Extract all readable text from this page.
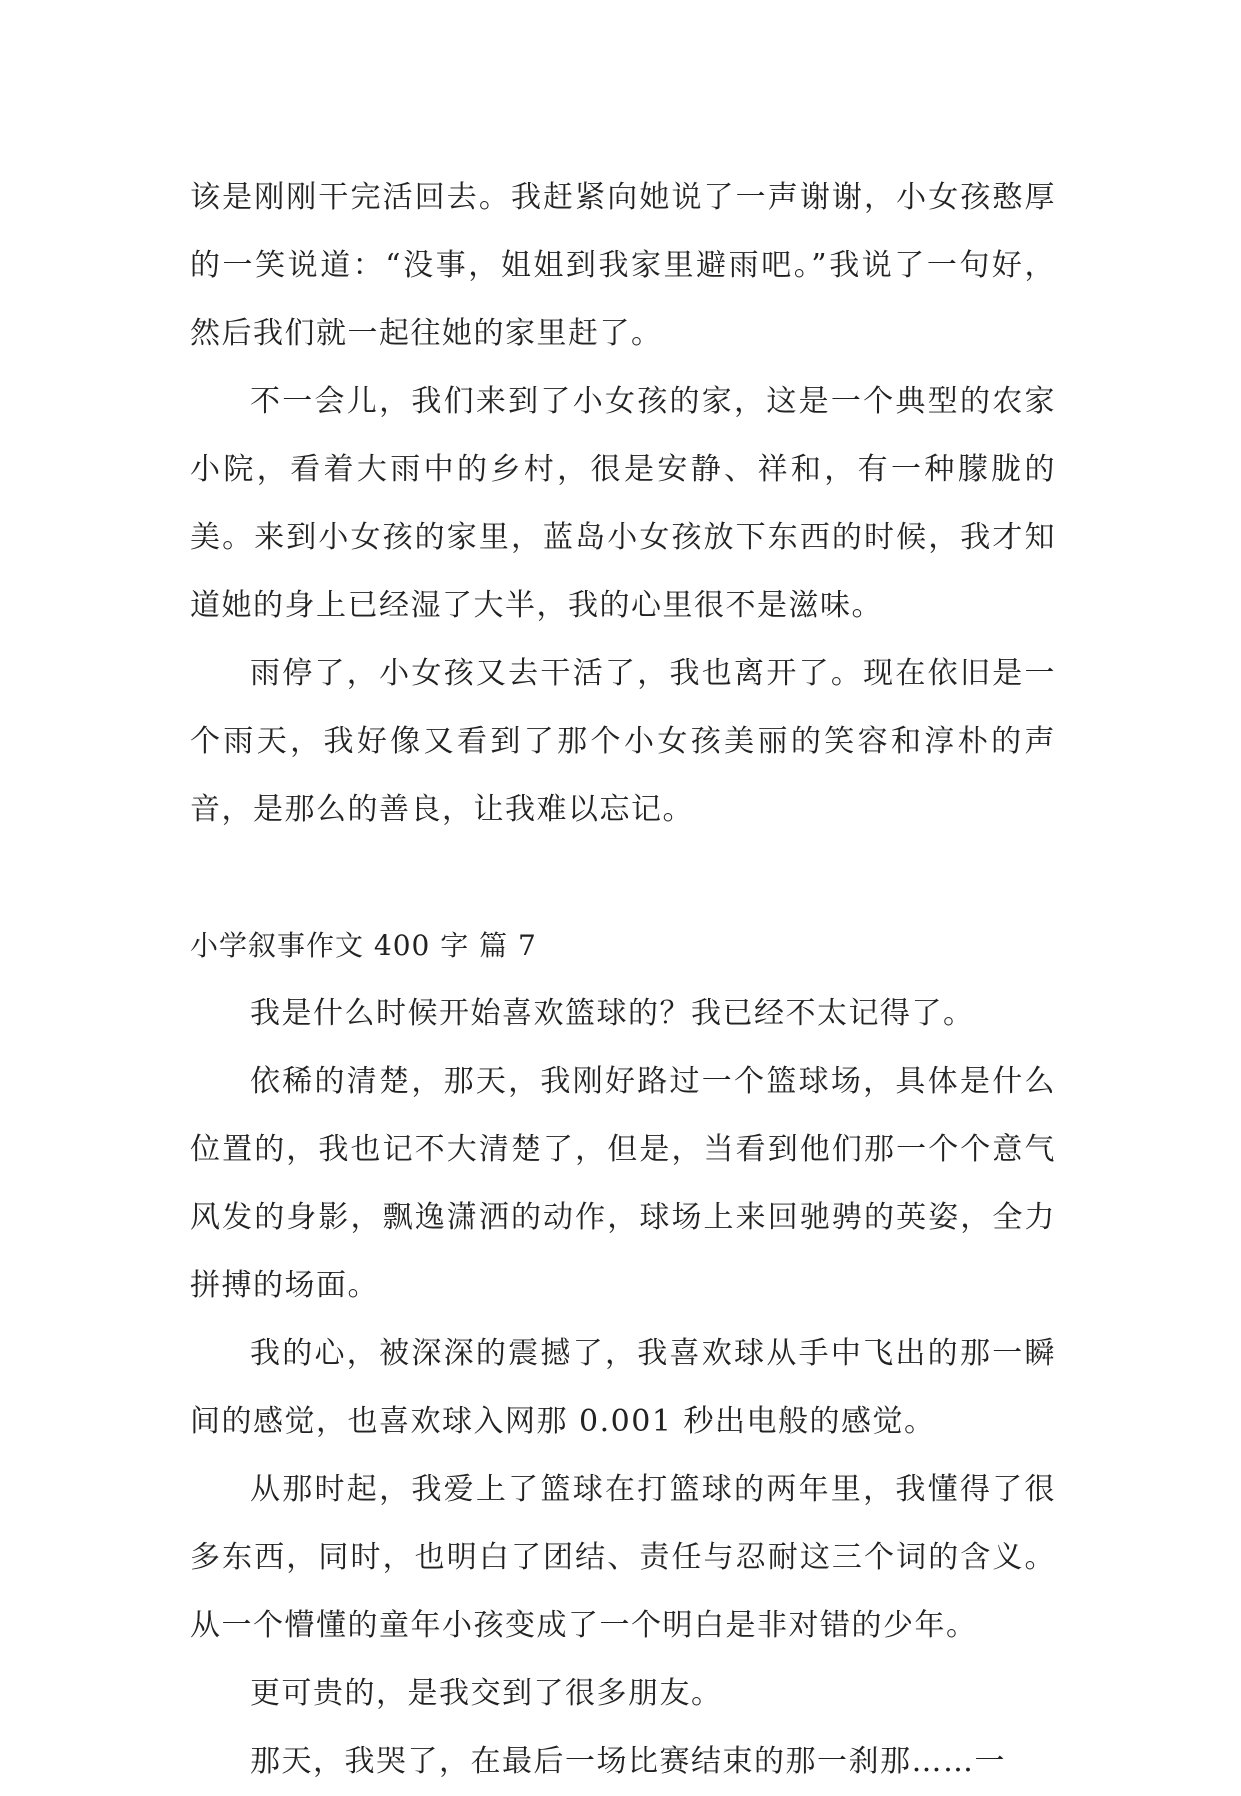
该是刚刚干完活回去。我赶紧向她说了一声谢谢，小女孩憨厚的一笑说道：“没事，姐姐到我家里避雨吧。”我说了一句好，然后我们就一起往她的家里赶了。

不一会儿，我们来到了小女孩的家，这是一个典型的农家小院，看着大雨中的乡村，很是安静、祥和，有一种朦胧的美。来到小女孩的家里，蓝岛小女孩放下东西的时候，我才知道她的身上已经湿了大半，我的心里很不是滋味。

雨停了，小女孩又去干活了，我也离开了。现在依旧是一个雨天，我好像又看到了那个小女孩美丽的笑容和淳朴的声音，是那么的善良，让我难以忘记。

小学叙事作文 400 字 篇 7

我是什么时候开始喜欢篮球的？我已经不太记得了。

依稀的清楚，那天，我刚好路过一个篮球场，具体是什么位置的，我也记不大清楚了，但是，当看到他们那一个个意气风发的身影，飘逸潇洒的动作，球场上来回驰骋的英姿，全力拼搏的场面。

我的心，被深深的震撼了，我喜欢球从手中飞出的那一瞬间的感觉，也喜欢球入网那 0.001 秒出电般的感觉。

从那时起，我爱上了篮球在打篮球的两年里，我懂得了很多东西，同时，也明白了团结、责任与忍耐这三个词的含义。从一个懵懂的童年小孩变成了一个明白是非对错的少年。

更可贵的，是我交到了很多朋友。

那天，我哭了，在最后一场比赛结束的那一刹那……一
